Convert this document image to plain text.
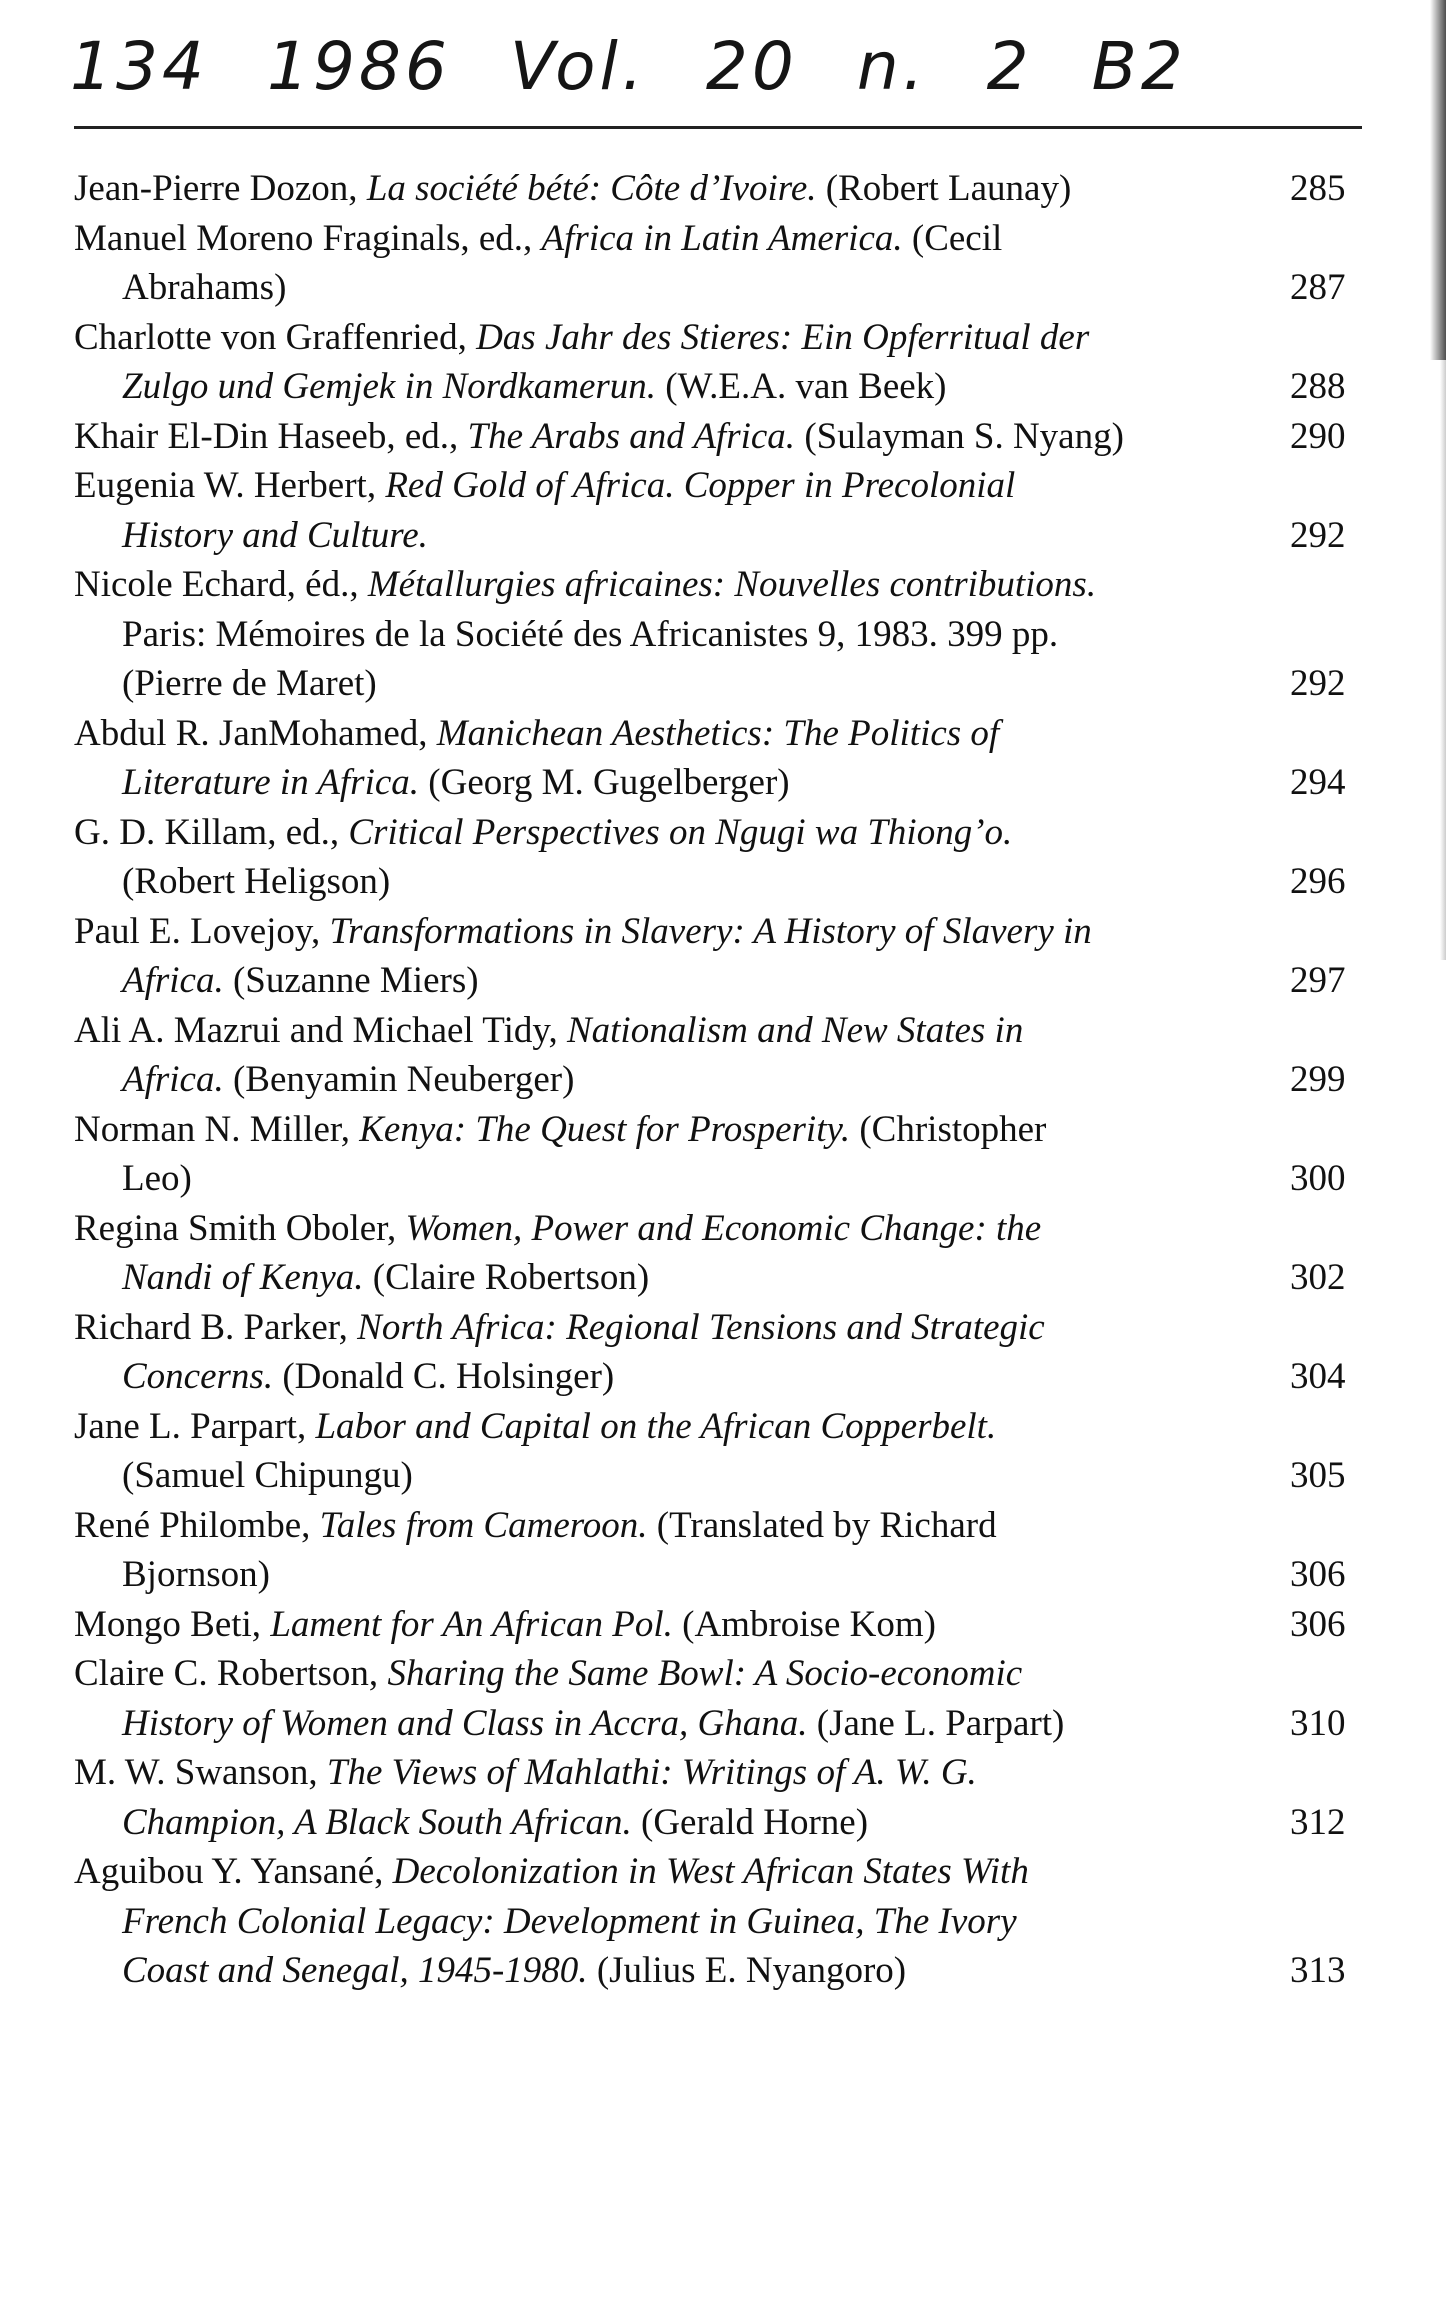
134 1986 Vol. 20 n. 2 B2
Jean-Pierre Dozon, La société bété: Côte d’Ivoire. (Robert Launay)	285
Manuel Moreno Fraginals, ed., Africa in Latin America. (Cecil
Abrahams)	287
Charlotte von Graffenried, Das Jahr des Stieres: Ein Opferritual der
Zulgo und Gemjek in Nordkamerun. (W.E.A. van Beek)	288
Khair El-Din Haseeb, ed., The Arabs and Africa. (Sulayman S. Nyang)	290
Eugenia W. Herbert, Red Gold of Africa. Copper in Precolonial
History and Culture.	292
Nicole Echard, éd., Métallurgies africaines: Nouvelles contributions.
Paris: Mémoires de la Société des Africanistes 9, 1983. 399 pp.
(Pierre de Maret)	292
Abdul R. JanMohamed, Manichean Aesthetics: The Politics of
Literature in Africa. (Georg M. Gugelberger)	294
G. D. Killam, ed., Critical Perspectives on Ngugi wa Thiong’o.
(Robert Heligson)	296
Paul E. Lovejoy, Transformations in Slavery: A History of Slavery in
Africa. (Suzanne Miers)	297
Ali A. Mazrui and Michael Tidy, Nationalism and New States in
Africa. (Benyamin Neuberger)	299
Norman N. Miller, Kenya: The Quest for Prosperity. (Christopher
Leo)	300
Regina Smith Oboler, Women, Power and Economic Change: the
Nandi of Kenya. (Claire Robertson)	302
Richard B. Parker, North Africa: Regional Tensions and Strategic
Concerns. (Donald C. Holsinger)	304
Jane L. Parpart, Labor and Capital on the African Copperbelt.
(Samuel Chipungu)	305
René Philombe, Tales from Cameroon. (Translated by Richard
Bjornson)	306
Mongo Beti, Lament for An African Pol. (Ambroise Kom)	306
Claire C. Robertson, Sharing the Same Bowl: A Socio-economic
History of Women and Class in Accra, Ghana. (Jane L. Parpart)	310
M. W. Swanson, The Views of Mahlathi: Writings of A. W. G.
Champion, A Black South African. (Gerald Horne)	312
Aguibou Y. Yansané, Decolonization in West African States With
French Colonial Legacy: Development in Guinea, The Ivory
Coast and Senegal, 1945-1980. (Julius E. Nyangoro)	313
